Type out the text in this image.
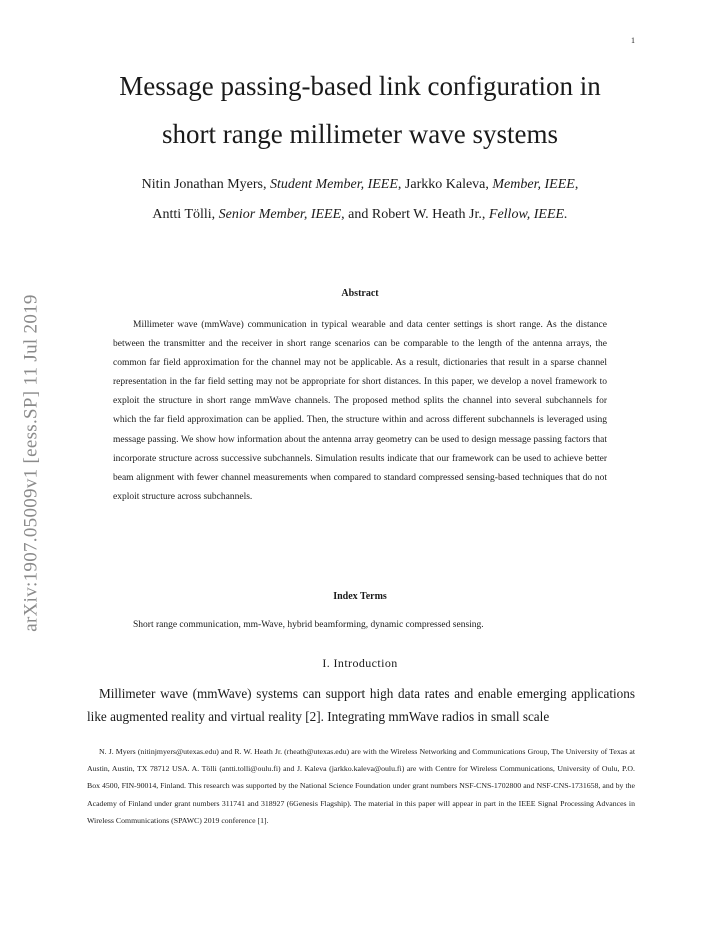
1
arXiv:1907.05009v1 [eess.SP] 11 Jul 2019
Message passing-based link configuration in
short range millimeter wave systems
Nitin Jonathan Myers, Student Member, IEEE, Jarkko Kaleva, Member, IEEE,
Antti Tölli, Senior Member, IEEE, and Robert W. Heath Jr., Fellow, IEEE.
Abstract

Millimeter wave (mmWave) communication in typical wearable and data center settings is short range. As the distance between the transmitter and the receiver in short range scenarios can be comparable to the length of the antenna arrays, the common far field approximation for the channel may not be applicable. As a result, dictionaries that result in a sparse channel representation in the far field setting may not be appropriate for short distances. In this paper, we develop a novel framework to exploit the structure in short range mmWave channels. The proposed method splits the channel into several subchannels for which the far field approximation can be applied. Then, the structure within and across different subchannels is leveraged using message passing. We show how information about the antenna array geometry can be used to design message passing factors that incorporate structure across successive subchannels. Simulation results indicate that our framework can be used to achieve better beam alignment with fewer channel measurements when compared to standard compressed sensing-based techniques that do not exploit structure across subchannels.

Index Terms

Short range communication, mm-Wave, hybrid beamforming, dynamic compressed sensing.

I. Introduction

Millimeter wave (mmWave) systems can support high data rates and enable emerging applications like augmented reality and virtual reality [2]. Integrating mmWave radios in small scale

N. J. Myers (nitinjmyers@utexas.edu) and R. W. Heath Jr. (rheath@utexas.edu) are with the Wireless Networking and Communications Group, The University of Texas at Austin, Austin, TX 78712 USA. A. Tölli (antti.tolli@oulu.fi) and J. Kaleva (jarkko.kaleva@oulu.fi) are with Centre for Wireless Communications, University of Oulu, P.O. Box 4500, FIN-90014, Finland. This research was supported by the National Science Foundation under grant numbers NSF-CNS-1702800 and NSF-CNS-1731658, and by the Academy of Finland under grant numbers 311741 and 318927 (6Genesis Flagship). The material in this paper will appear in part in the IEEE Signal Processing Advances in Wireless Communications (SPAWC) 2019 conference [1].
